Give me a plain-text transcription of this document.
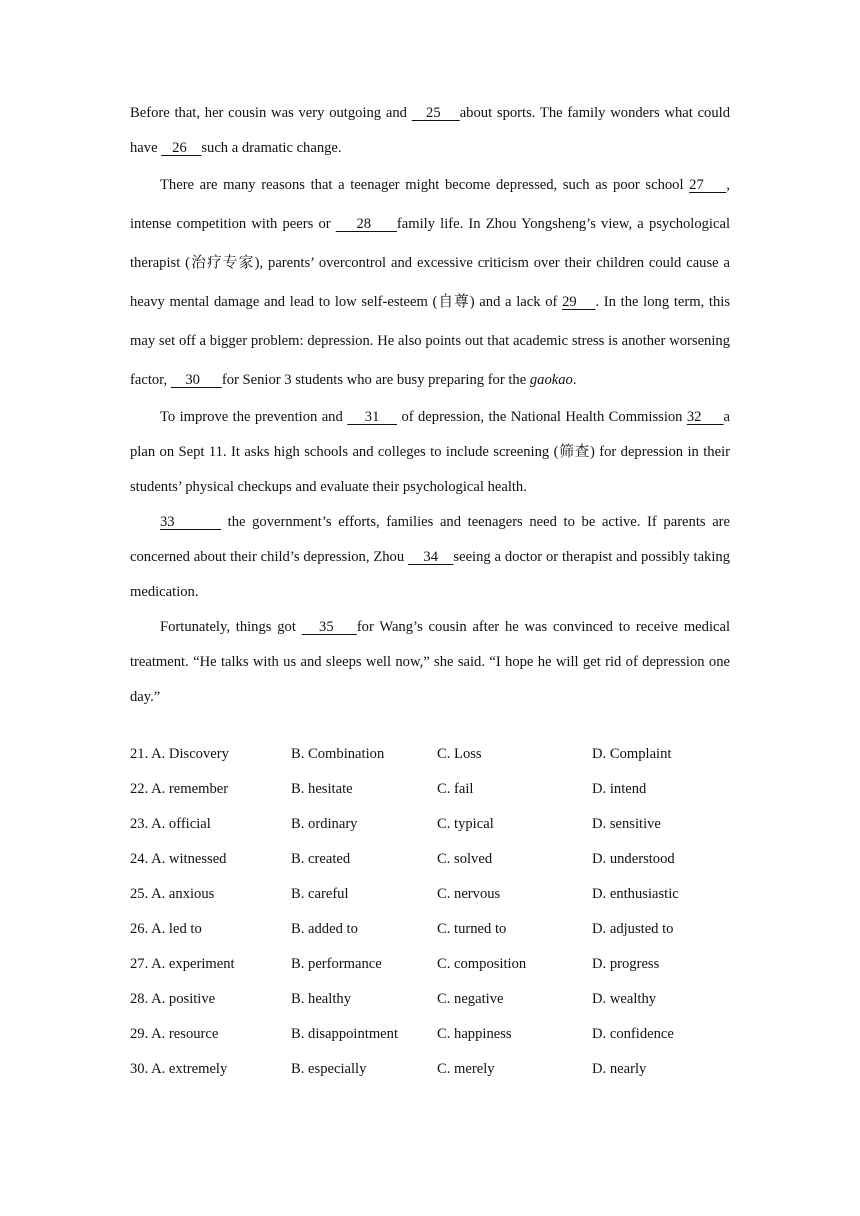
Before that, her cousin was very outgoing and    25    about sports. The family wonders what could have    26    such a dramatic change.

There are many reasons that a teenager might become depressed, such as poor school 27    , intense competition with peers or     28     family life. In Zhou Yongsheng’s view, a psychological therapist (治疗专家), parents’ overcontrol and excessive criticism over their children could cause a heavy mental damage and lead to low self-esteem (自尊) and a lack of 29    . In the long term, this may set off a bigger problem: depression. He also points out that academic stress is another worsening factor,     30      for Senior 3 students who are busy preparing for the gaokao.

To improve the prevention and     31     of depression, the National Health Commission 32     a plan on Sept 11. It asks high schools and colleges to include screening (筛查) for depression in their students’ physical checkups and evaluate their psychological health.

33        the government’s efforts, families and teenagers need to be active. If parents are concerned about their child’s depression, Zhou     34    seeing a doctor or therapist and possibly taking medication.

Fortunately, things got    35    for Wang’s cousin after he was convinced to receive medical treatment. “He talks with us and sleeps well now,” she said. “I hope he will get rid of depression one day.”

21. A. Discovery	B. Combination	C. Loss	D. Complaint
22. A. remember	B. hesitate	C. fail	D. intend
23. A. official	B. ordinary	C. typical	D. sensitive
24. A. witnessed	B. created	C. solved	D. understood
25. A. anxious	B. careful	C. nervous	D. enthusiastic
26. A. led to	B. added to	C. turned to	D. adjusted to
27. A. experiment	B. performance	C. composition	D. progress
28. A. positive	B. healthy	C. negative	D. wealthy
29. A. resource	B. disappointment	C. happiness	D. confidence
30. A. extremely	B. especially	C. merely	D. nearly
